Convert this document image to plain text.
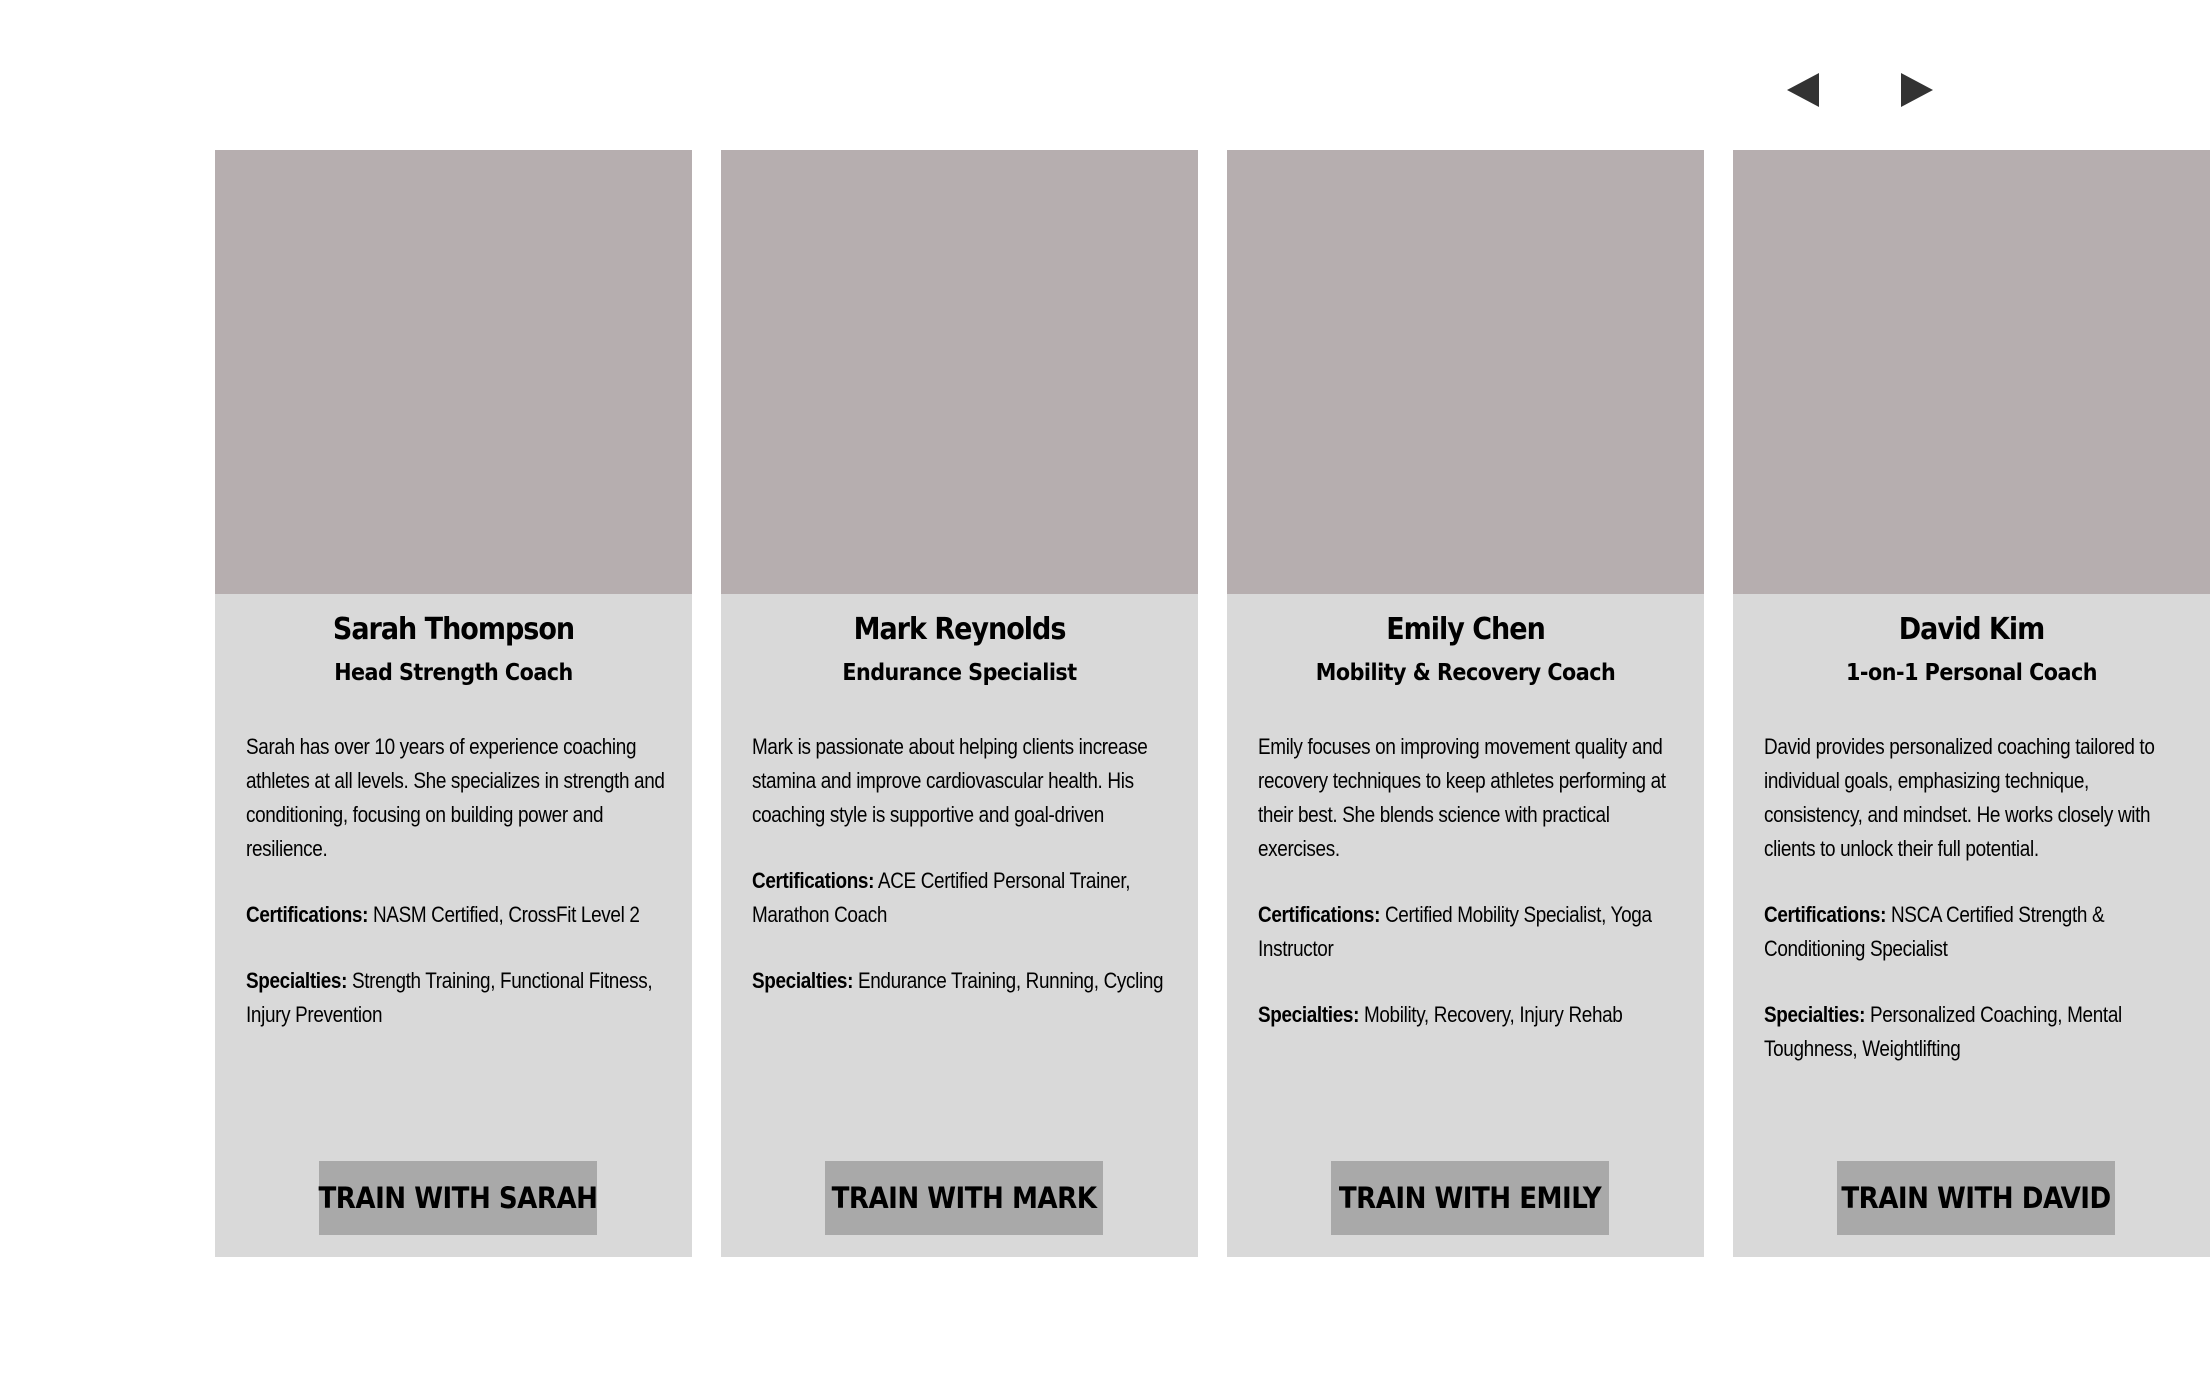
Sarah Thompson
Head Strength Coach

Sarah has over 10 years of experience coaching athletes at all levels. She specializes in strength and conditioning, focusing on building power and resilience.

Certifications: NASM Certified, CrossFit Level 2

Specialties: Strength Training, Functional Fitness, Injury Prevention

TRAIN WITH SARAH
Mark Reynolds
Endurance Specialist

Mark is passionate about helping clients increase stamina and improve cardiovascular health. His coaching style is supportive and goal-driven

Certifications: ACE Certified Personal Trainer, Marathon Coach

Specialties: Endurance Training, Running, Cycling

TRAIN WITH MARK
Emily Chen
Mobility & Recovery Coach

Emily focuses on improving movement quality and recovery techniques to keep athletes performing at their best. She blends science with practical exercises.

Certifications: Certified Mobility Specialist, Yoga Instructor

Specialties: Mobility, Recovery, Injury Rehab

TRAIN WITH EMILY
David Kim
1-on-1 Personal Coach

David provides personalized coaching tailored to individual goals, emphasizing technique, consistency, and mindset. He works closely with clients to unlock their full potential.

Certifications: NSCA Certified Strength & Conditioning Specialist

Specialties: Personalized Coaching, Mental Toughness, Weightlifting

TRAIN WITH DAVID
